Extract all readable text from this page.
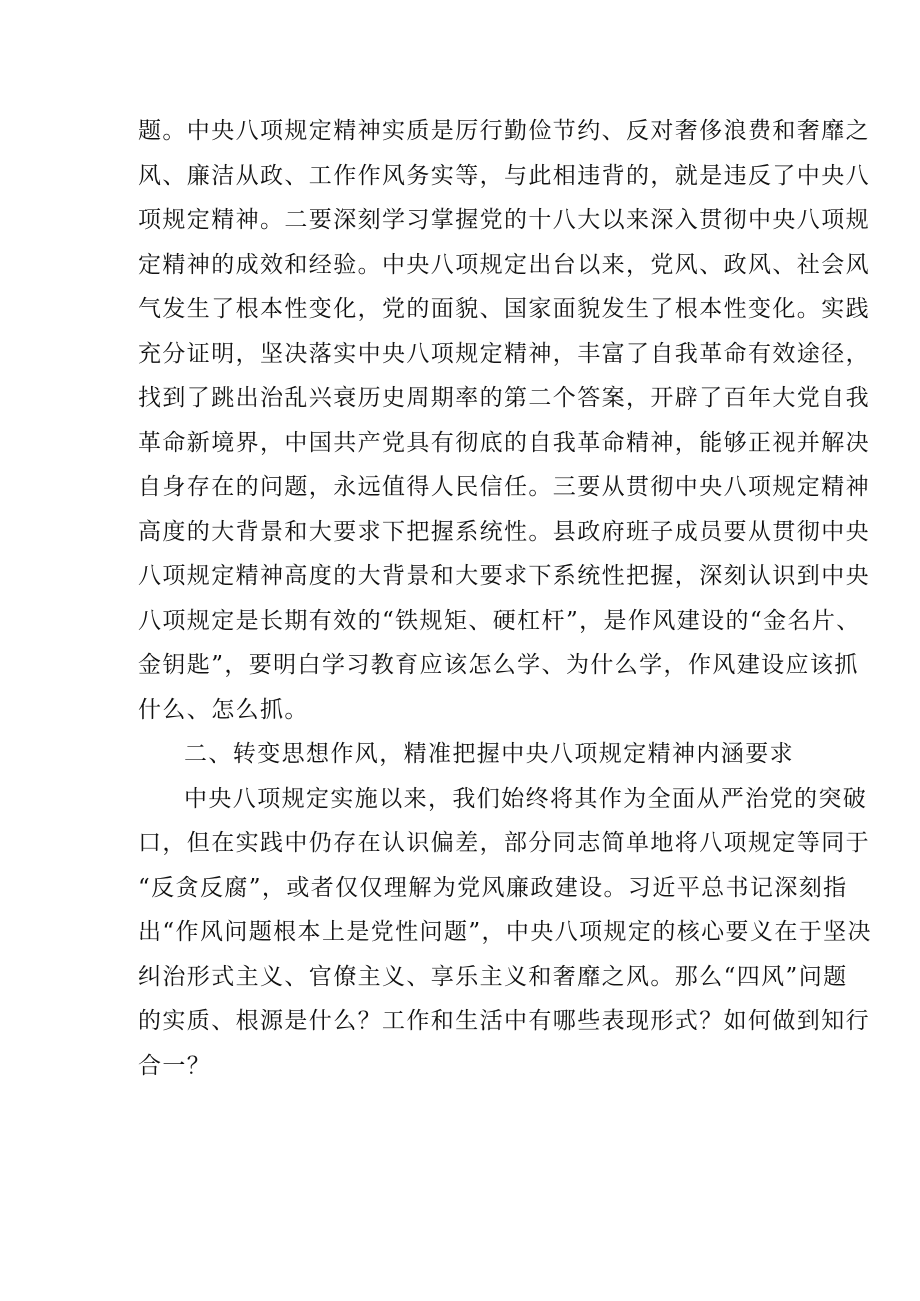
题。中央八项规定精神实质是厉行勤俭节约、反对奢侈浪费和奢靡之
风、廉洁从政、工作作风务实等，与此相违背的，就是违反了中央八
项规定精神。二要深刻学习掌握党的十八大以来深入贯彻中央八项规
定精神的成效和经验。中央八项规定出台以来，党风、政风、社会风
气发生了根本性变化，党的面貌、国家面貌发生了根本性变化。实践
充分证明，坚决落实中央八项规定精神，丰富了自我革命有效途径，
找到了跳出治乱兴衰历史周期率的第二个答案，开辟了百年大党自我
革命新境界，中国共产党具有彻底的自我革命精神，能够正视并解决
自身存在的问题，永远值得人民信任。三要从贯彻中央八项规定精神
高度的大背景和大要求下把握系统性。县政府班子成员要从贯彻中央
八项规定精神高度的大背景和大要求下系统性把握，深刻认识到中央
八项规定是长期有效的“铁规矩、硬杠杆”，是作风建设的“金名片、
金钥匙”，要明白学习教育应该怎么学、为什么学，作风建设应该抓
什么、怎么抓。
二、转变思想作风，精准把握中央八项规定精神内涵要求
中央八项规定实施以来，我们始终将其作为全面从严治党的突破
口，但在实践中仍存在认识偏差，部分同志简单地将八项规定等同于
“反贪反腐”，或者仅仅理解为党风廉政建设。习近平总书记深刻指
出“作风问题根本上是党性问题”，中央八项规定的核心要义在于坚决
纠治形式主义、官僚主义、享乐主义和奢靡之风。那么“四风”问题
的实质、根源是什么？工作和生活中有哪些表现形式？如何做到知行
合一？
